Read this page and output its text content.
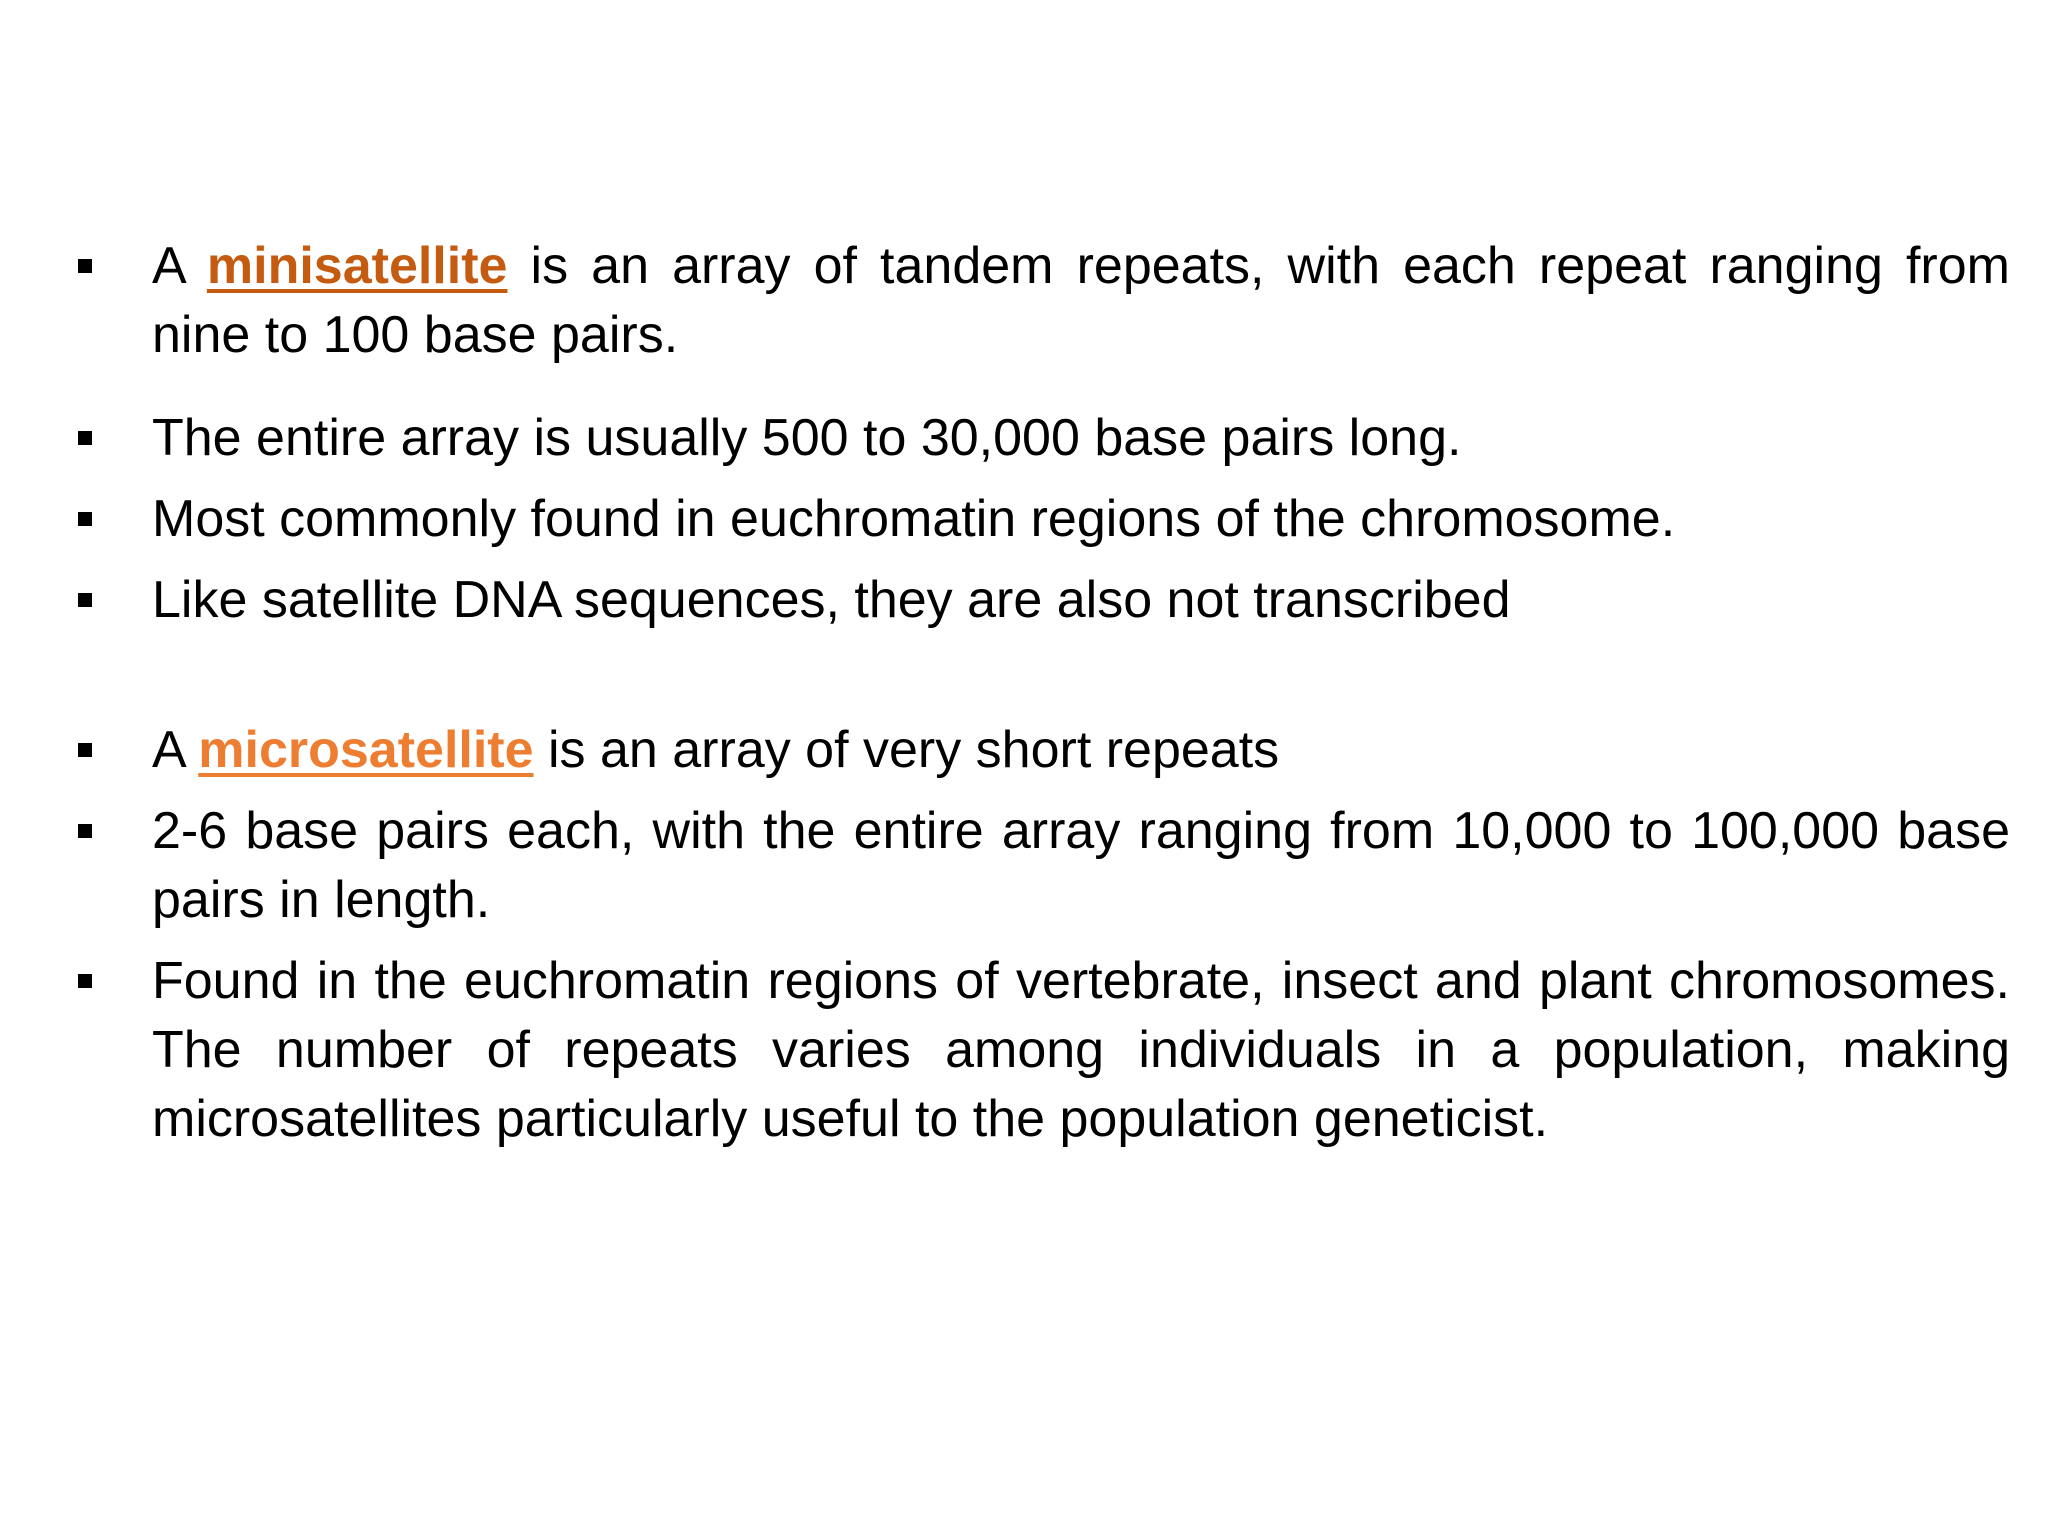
A minisatellite is an array of tandem repeats, with each repeat ranging from nine to 100 base pairs.
The entire array is usually 500 to 30,000 base pairs long.
Most commonly found in euchromatin regions of the chromosome.
Like satellite DNA sequences, they are also not transcribed
A microsatellite is an array of very short repeats
2-6 base pairs each, with the entire array ranging from 10,000 to 100,000 base pairs in length.
Found in the euchromatin regions of vertebrate, insect and plant chromosomes. The number of repeats varies among individuals in a population, making microsatellites particularly useful to the population geneticist.
